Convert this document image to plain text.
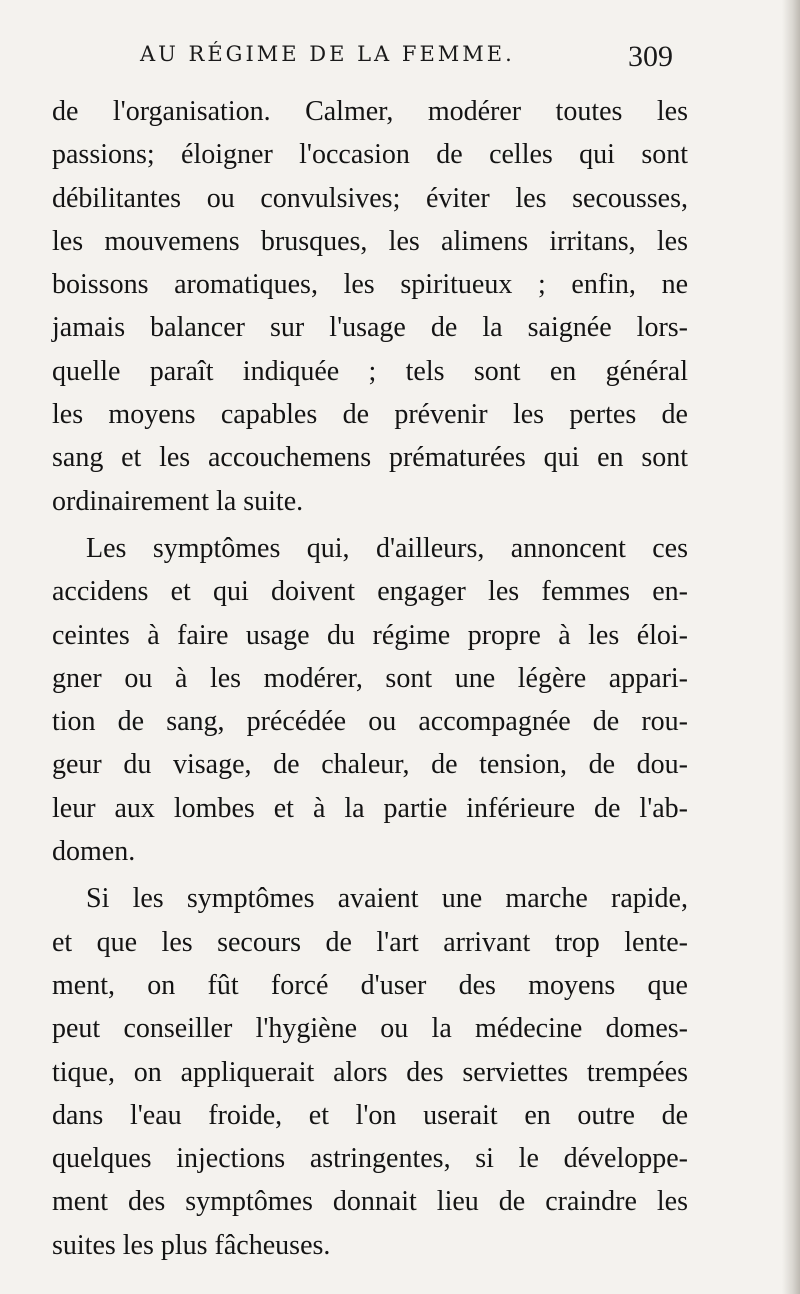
AU RÉGIME DE LA FEMME.	309

de l'organisation. Calmer, modérer toutes les
passions; éloigner l'occasion de celles qui sont
débilitantes ou convulsives; éviter les secousses,
les mouvemens brusques, les alimens irritans, les
boissons aromatiques, les spiritueux ; enfin, ne
jamais balancer sur l'usage de la saignée lors-
quelle paraît indiquée ; tels sont en général
les moyens capables de prévenir les pertes de
sang et les accouchemens prématurées qui en sont
ordinairement la suite.

Les symptômes qui, d'ailleurs, annoncent ces
accidens et qui doivent engager les femmes en-
ceintes à faire usage du régime propre à les éloi-
gner ou à les modérer, sont une légère appari-
tion de sang, précédée ou accompagnée de rou-
geur du visage, de chaleur, de tension, de dou-
leur aux lombes et à la partie inférieure de l'ab-
domen.

Si les symptômes avaient une marche rapide,
et que les secours de l'art arrivant trop lente-
ment, on fût forcé d'user des moyens que
peut conseiller l'hygiène ou la médecine domes-
tique, on appliquerait alors des serviettes trempées
dans l'eau froide, et l'on userait en outre de
quelques injections astringentes, si le développe-
ment des symptômes donnait lieu de craindre les
suites les plus fâcheuses.
